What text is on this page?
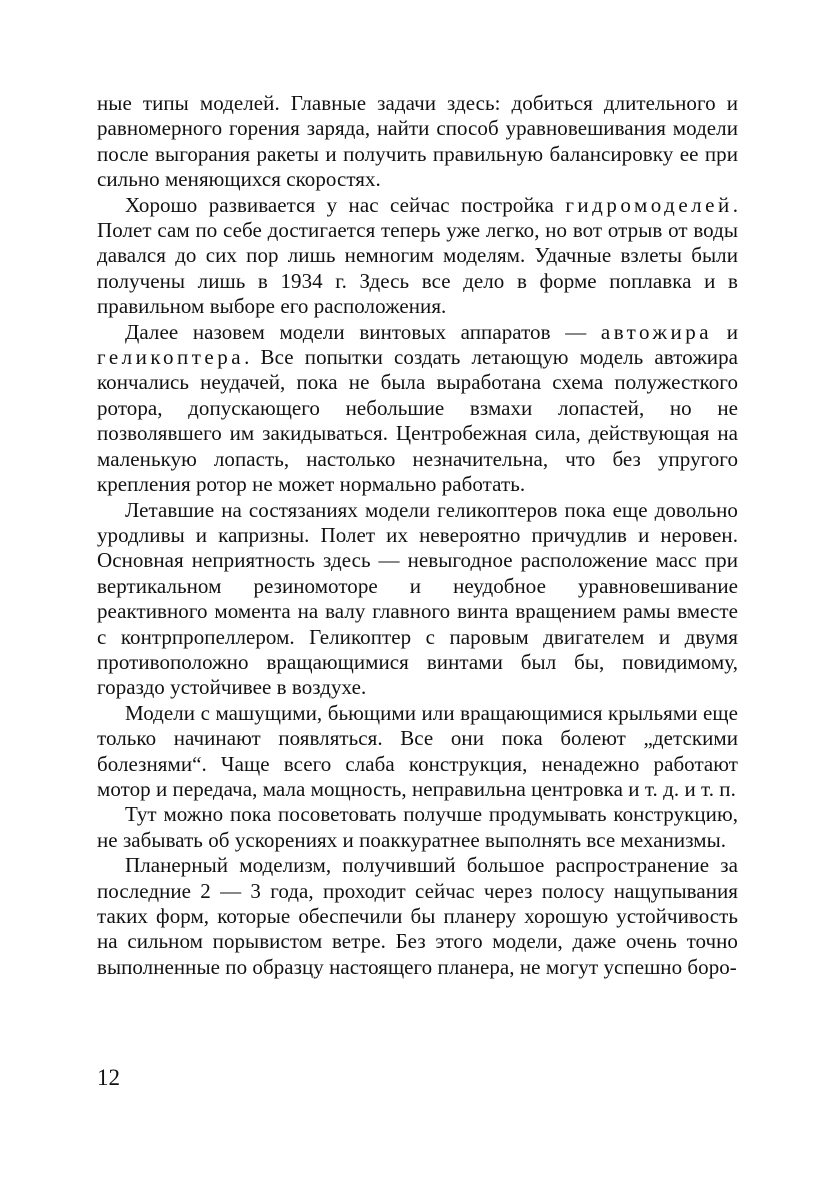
ные типы моделей. Главные задачи здесь: добиться длительного и равномерного горения заряда, найти способ уравновешивания модели после выгорания ракеты и получить правильную балансировку ее при сильно меняющихся скоростях.

Хорошо развивается у нас сейчас постройка гидромоделей. Полет сам по себе достигается теперь уже легко, но вот отрыв от воды давался до сих пор лишь немногим моделям. Удачные взлеты были получены лишь в 1934 г. Здесь все дело в форме поплавка и в правильном выборе его расположения.

Далее назовем модели винтовых аппаратов — автожира и геликоптера. Все попытки создать летающую модель автожира кончались неудачей, пока не была выработана схема полужесткого ротора, допускающего небольшие взмахи лопастей, но не позволявшего им закидываться. Центробежная сила, действующая на маленькую лопасть, настолько незначительна, что без упругого крепления ротор не может нормально работать.

Летавшие на состязаниях модели геликоптеров пока еще довольно уродливы и капризны. Полет их невероятно причудлив и неровен. Основная неприятность здесь — невыгодное расположение масс при вертикальном резиномоторе и неудобное уравновешивание реактивного момента на валу главного винта вращением рамы вместе с контрпропеллером. Геликоптер с паровым двигателем и двумя противоположно вращающимися винтами был бы, повидимому, гораздо устойчивее в воздухе.

Модели с машущими, бьющими или вращающимися крыльями еще только начинают появляться. Все они пока болеют „детскими болезнями“. Чаще всего слаба конструкция, ненадежно работают мотор и передача, мала мощность, неправильна центровка и т. д. и т. п.

Тут можно пока посоветовать получше продумывать конструкцию, не забывать об ускорениях и поаккуратнее выполнять все механизмы.

Планерный моделизм, получивший большое распространение за последние 2 — 3 года, проходит сейчас через полосу нащупывания таких форм, которые обеспечили бы планеру хорошую устойчивость на сильном порывистом ветре. Без этого модели, даже очень точно выполненные по образцу настоящего планера, не могут успешно боро-

12
